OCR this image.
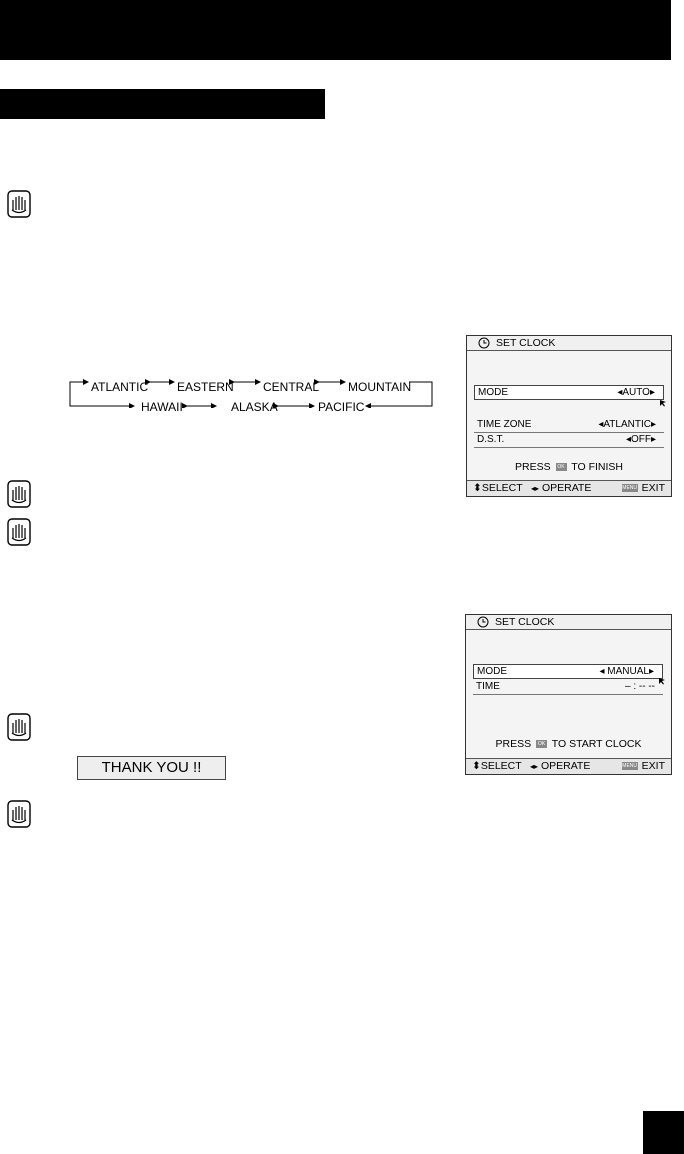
ATLANTIC EASTERN CENTRAL MOUNTAIN
HAWAII	ALASKA	PACIFIC
SET CLOCK
MODE	◂AUTO▸
TIME ZONE	◂ATLANTIC▸
D.S.T.	◂OFF▸
PRESS OK TO FINISH
⬍SELECT ◂▸ OPERATE	MENU EXIT
SET CLOCK
MODE	◂ MANUAL▸
TIME	– : -- --
PRESS OK TO START CLOCK
⬍SELECT ◂▸ OPERATE	MENU EXIT
THANK YOU !!
